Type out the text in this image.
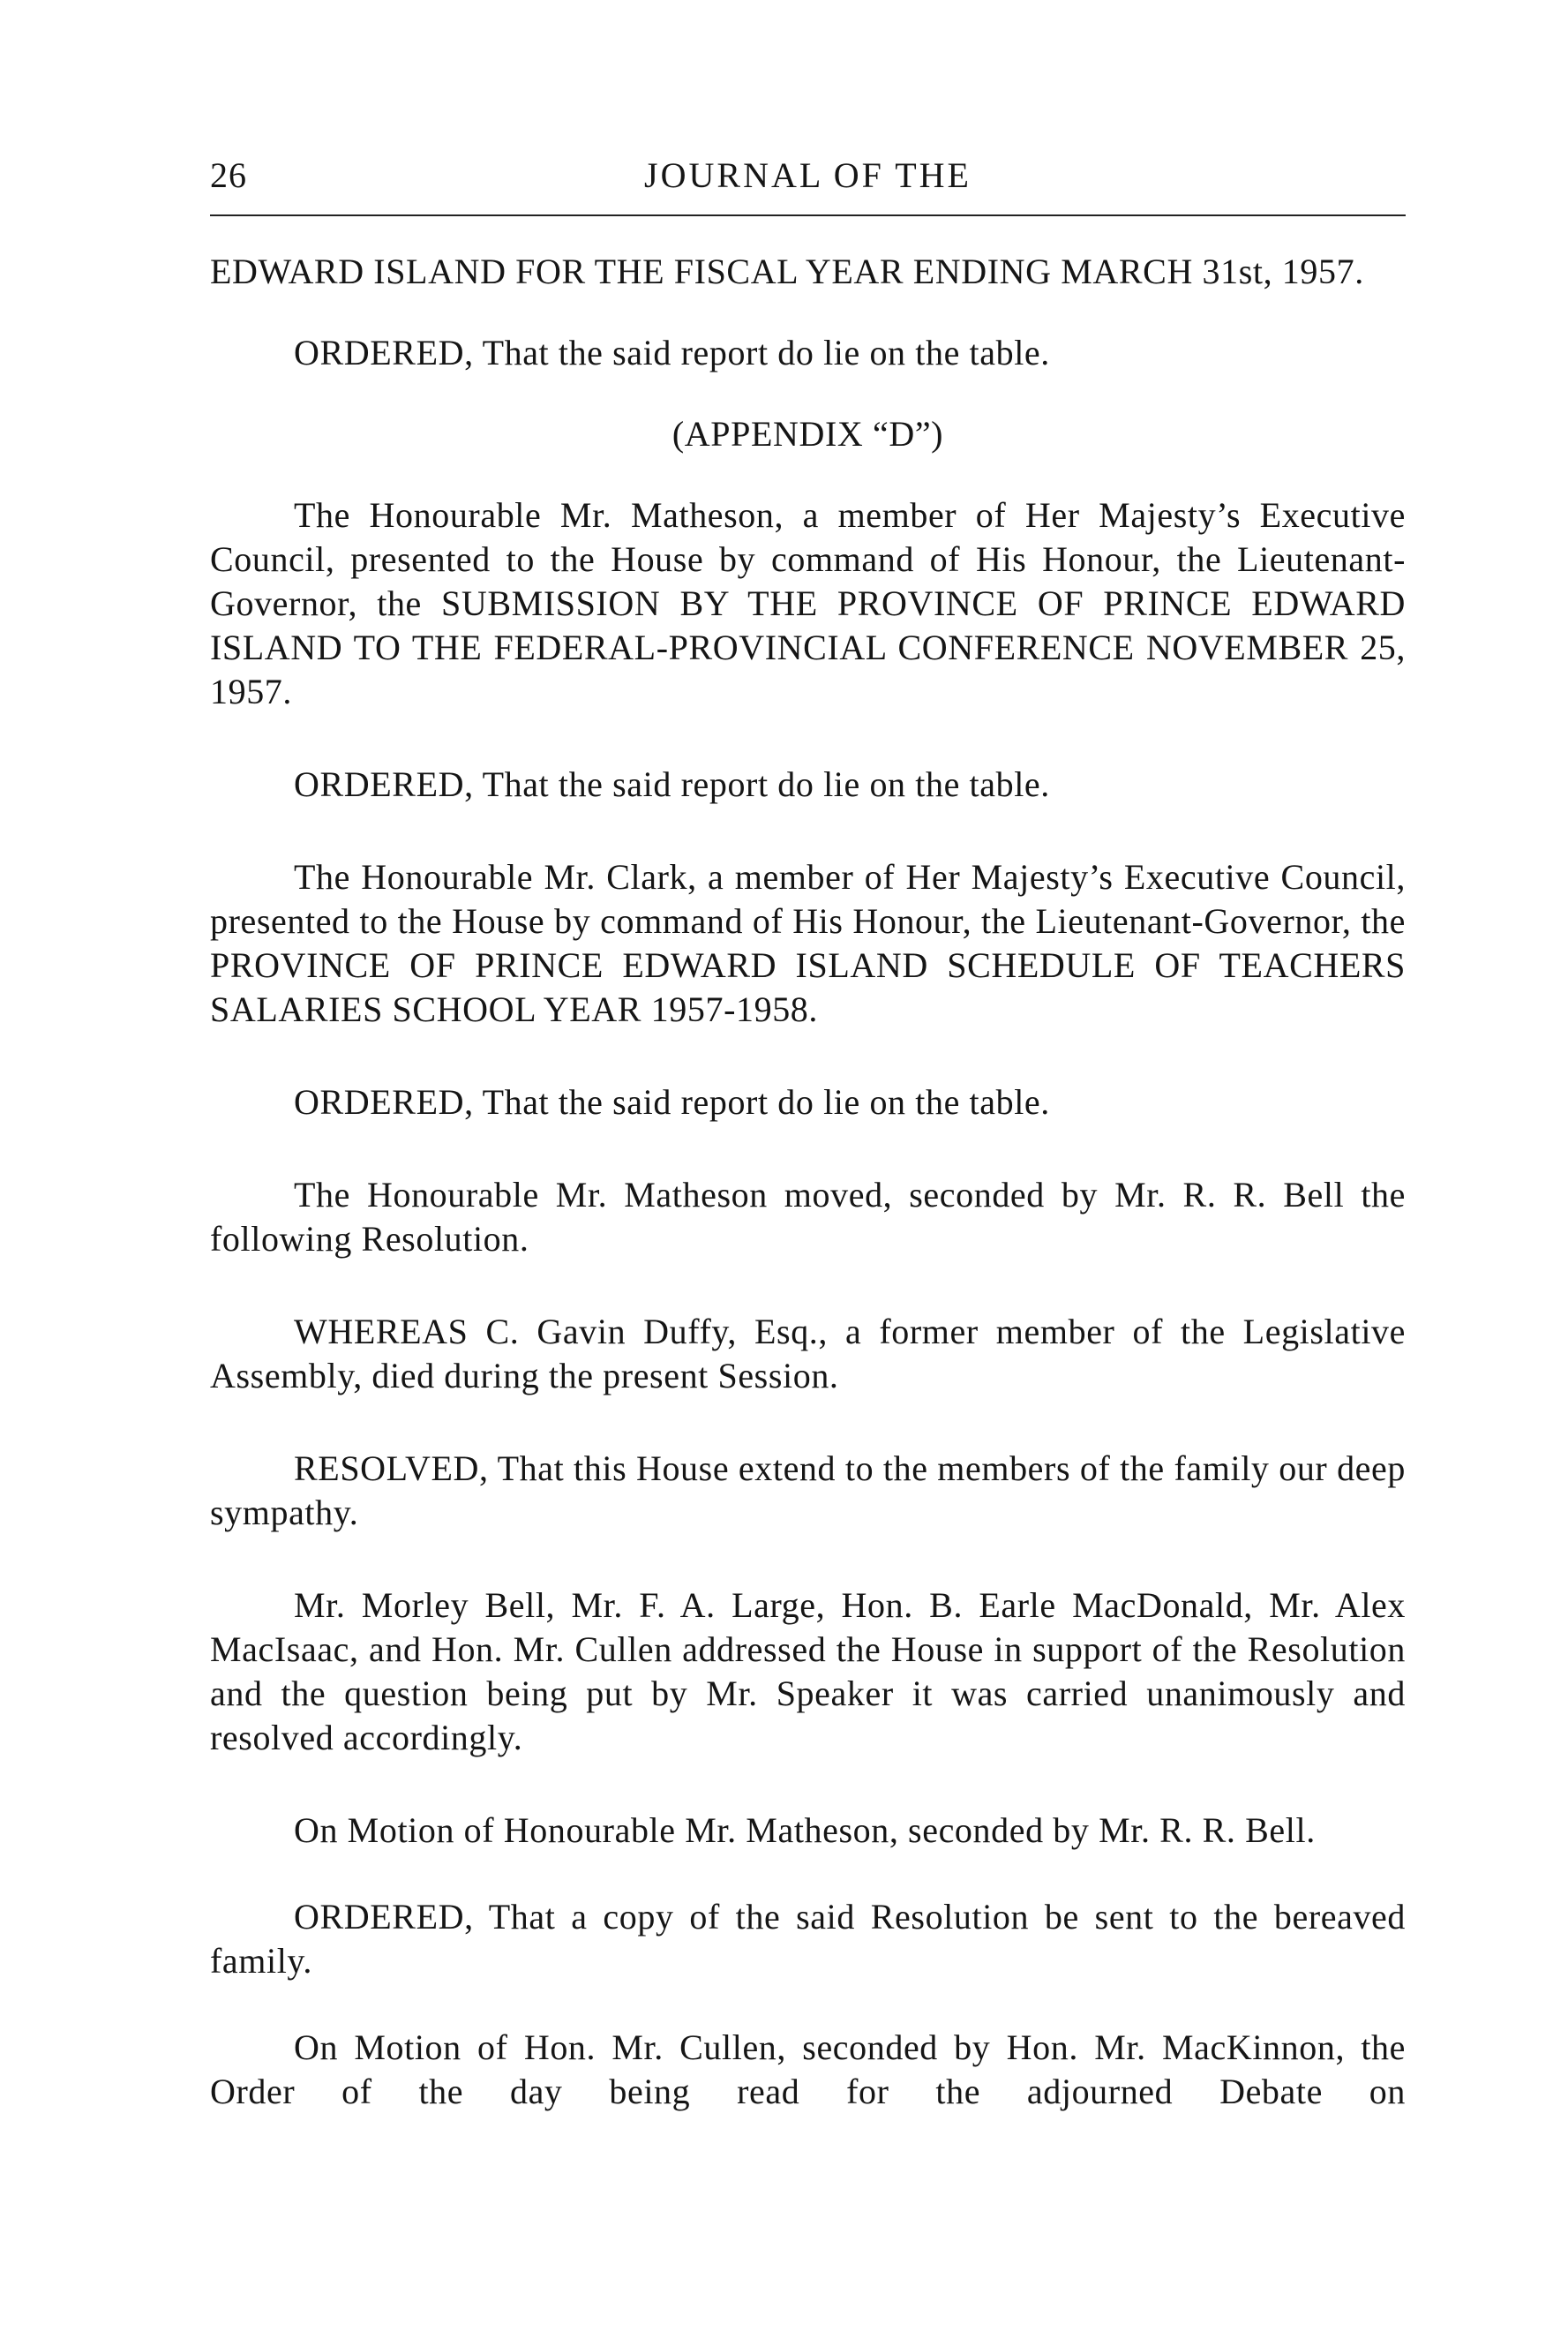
26	JOURNAL OF THE

EDWARD ISLAND FOR THE FISCAL YEAR ENDING MARCH 31st, 1957.

ORDERED, That the said report do lie on the table.

(APPENDIX “D”)

The Honourable Mr. Matheson, a member of Her Majesty’s Executive Council, presented to the House by command of His Honour, the Lieutenant-Governor, the SUBMISSION BY THE PROVINCE OF PRINCE EDWARD ISLAND TO THE FEDERAL-PROVINCIAL CONFERENCE NOVEMBER 25, 1957.

ORDERED, That the said report do lie on the table.

The Honourable Mr. Clark, a member of Her Majesty’s Executive Council, presented to the House by command of His Honour, the Lieutenant-Governor, the PROVINCE OF PRINCE EDWARD ISLAND SCHEDULE OF TEACHERS SALARIES SCHOOL YEAR 1957-1958.

ORDERED, That the said report do lie on the table.

The Honourable Mr. Matheson moved, seconded by Mr. R. R. Bell the following Resolution.

WHEREAS C. Gavin Duffy, Esq., a former member of the Legislative Assembly, died during the present Session.

RESOLVED, That this House extend to the members of the family our deep sympathy.

Mr. Morley Bell, Mr. F. A. Large, Hon. B. Earle MacDonald, Mr. Alex MacIsaac, and Hon. Mr. Cullen addressed the House in support of the Resolution and the question being put by Mr. Speaker it was carried unanimously and resolved accordingly.

On Motion of Honourable Mr. Matheson, seconded by Mr. R. R. Bell.

ORDERED, That a copy of the said Resolution be sent to the bereaved family.

On Motion of Hon. Mr. Cullen, seconded by Hon. Mr. MacKinnon, the Order of the day being read for the adjourned Debate on
